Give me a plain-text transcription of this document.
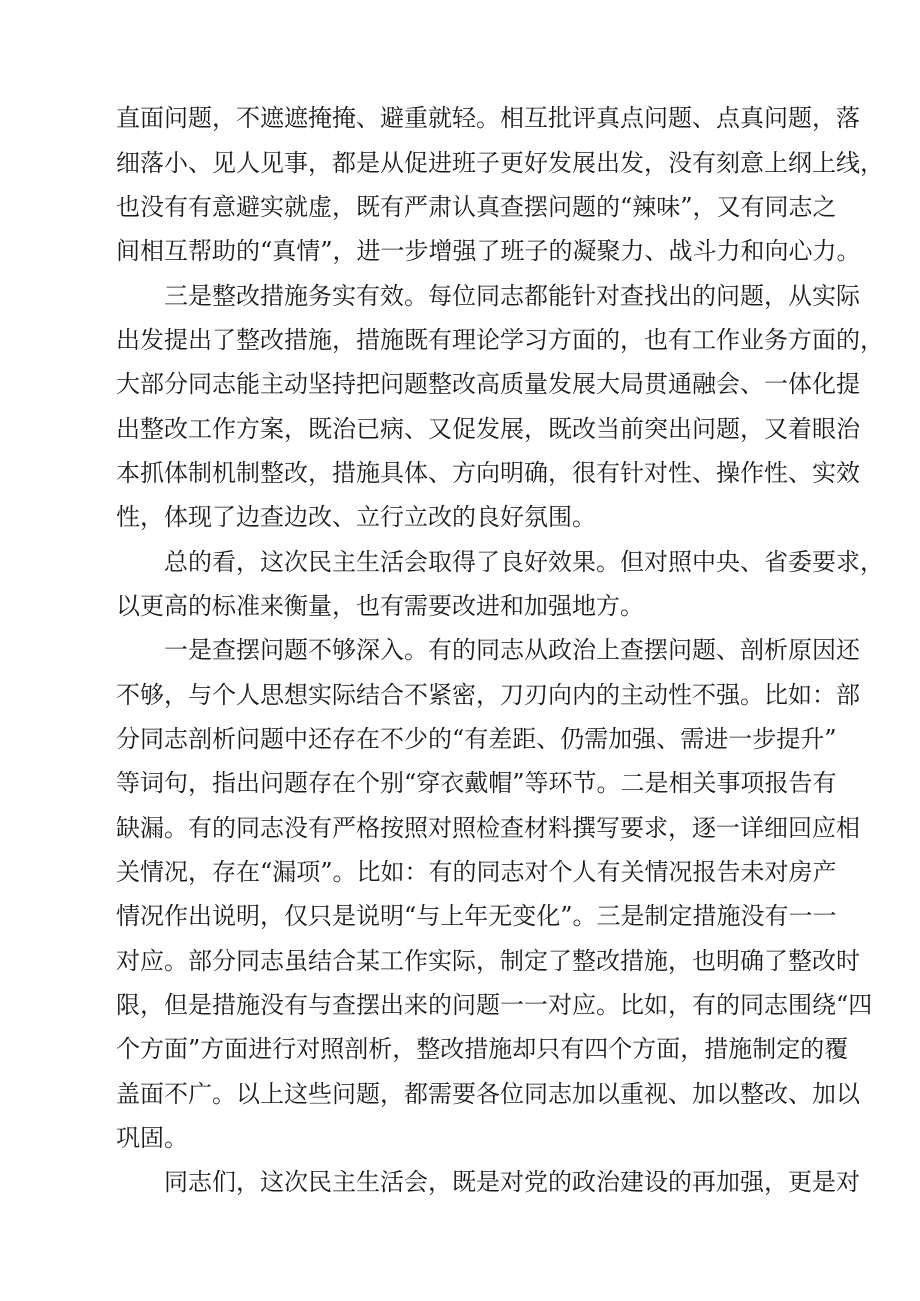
直面问题，不遮遮掩掩、避重就轻。相互批评真点问题、点真问题，落
细落小、见人见事，都是从促进班子更好发展出发，没有刻意上纲上线，
也没有有意避实就虚，既有严肃认真查摆问题的“辣味”，又有同志之
间相互帮助的“真情”，进一步增强了班子的凝聚力、战斗力和向心力。
三是整改措施务实有效。每位同志都能针对查找出的问题，从实际
出发提出了整改措施，措施既有理论学习方面的，也有工作业务方面的，
大部分同志能主动坚持把问题整改高质量发展大局贯通融会、一体化提
出整改工作方案，既治已病、又促发展，既改当前突出问题，又着眼治
本抓体制机制整改，措施具体、方向明确，很有针对性、操作性、实效
性，体现了边查边改、立行立改的良好氛围。
总的看，这次民主生活会取得了良好效果。但对照中央、省委要求，
以更高的标准来衡量，也有需要改进和加强地方。
一是查摆问题不够深入。有的同志从政治上查摆问题、剖析原因还
不够，与个人思想实际结合不紧密，刀刃向内的主动性不强。比如：部
分同志剖析问题中还存在不少的“有差距、仍需加强、需进一步提升”
等词句，指出问题存在个别“穿衣戴帽”等环节。二是相关事项报告有
缺漏。有的同志没有严格按照对照检查材料撰写要求，逐一详细回应相
关情况，存在“漏项”。比如：有的同志对个人有关情况报告未对房产
情况作出说明，仅只是说明“与上年无变化”。三是制定措施没有一一
对应。部分同志虽结合某工作实际，制定了整改措施，也明确了整改时
限，但是措施没有与查摆出来的问题一一对应。比如，有的同志围绕“四
个方面”方面进行对照剖析，整改措施却只有四个方面，措施制定的覆
盖面不广。以上这些问题，都需要各位同志加以重视、加以整改、加以
巩固。
同志们，这次民主生活会，既是对党的政治建设的再加强，更是对
